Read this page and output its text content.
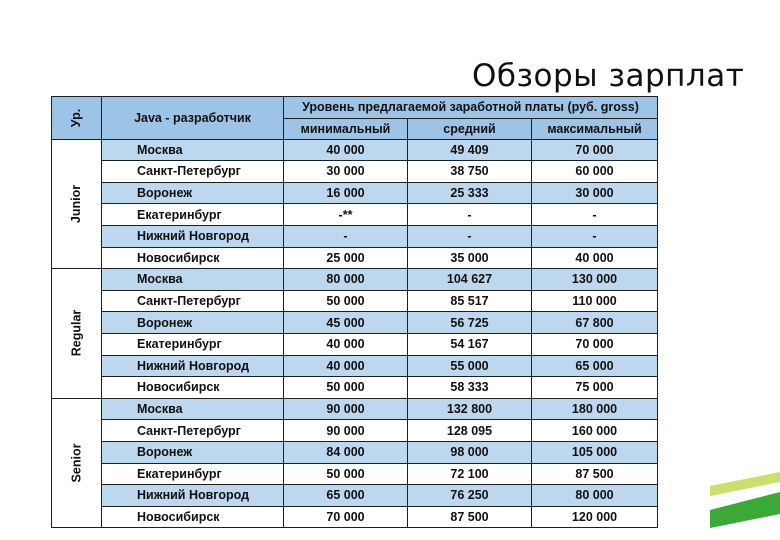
Обзоры зарплат
Ур.	Java - разработчик	Уровень предлагаемой заработной платы (руб. gross)		
		минимальный	средний	максимальный
Junior	Москва	40 000	49 409	70 000
	Санкт-Петербург	30 000	38 750	60 000
	Воронеж	16 000	25 333	30 000
	Екатеринбург	-**	-	-
	Нижний Новгород	-	-	-
	Новосибирск	25 000	35 000	40 000
Regular	Москва	80 000	104 627	130 000
	Санкт-Петербург	50 000	85 517	110 000
	Воронеж	45 000	56 725	67 800
	Екатеринбург	40 000	54 167	70 000
	Нижний Новгород	40 000	55 000	65 000
	Новосибирск	50 000	58 333	75 000
Senior	Москва	90 000	132 800	180 000
	Санкт-Петербург	90 000	128 095	160 000
	Воронеж	84 000	98 000	105 000
	Екатеринбург	50 000	72 100	87 500
	Нижний Новгород	65 000	76 250	80 000
	Новосибирск	70 000	87 500	120 000
